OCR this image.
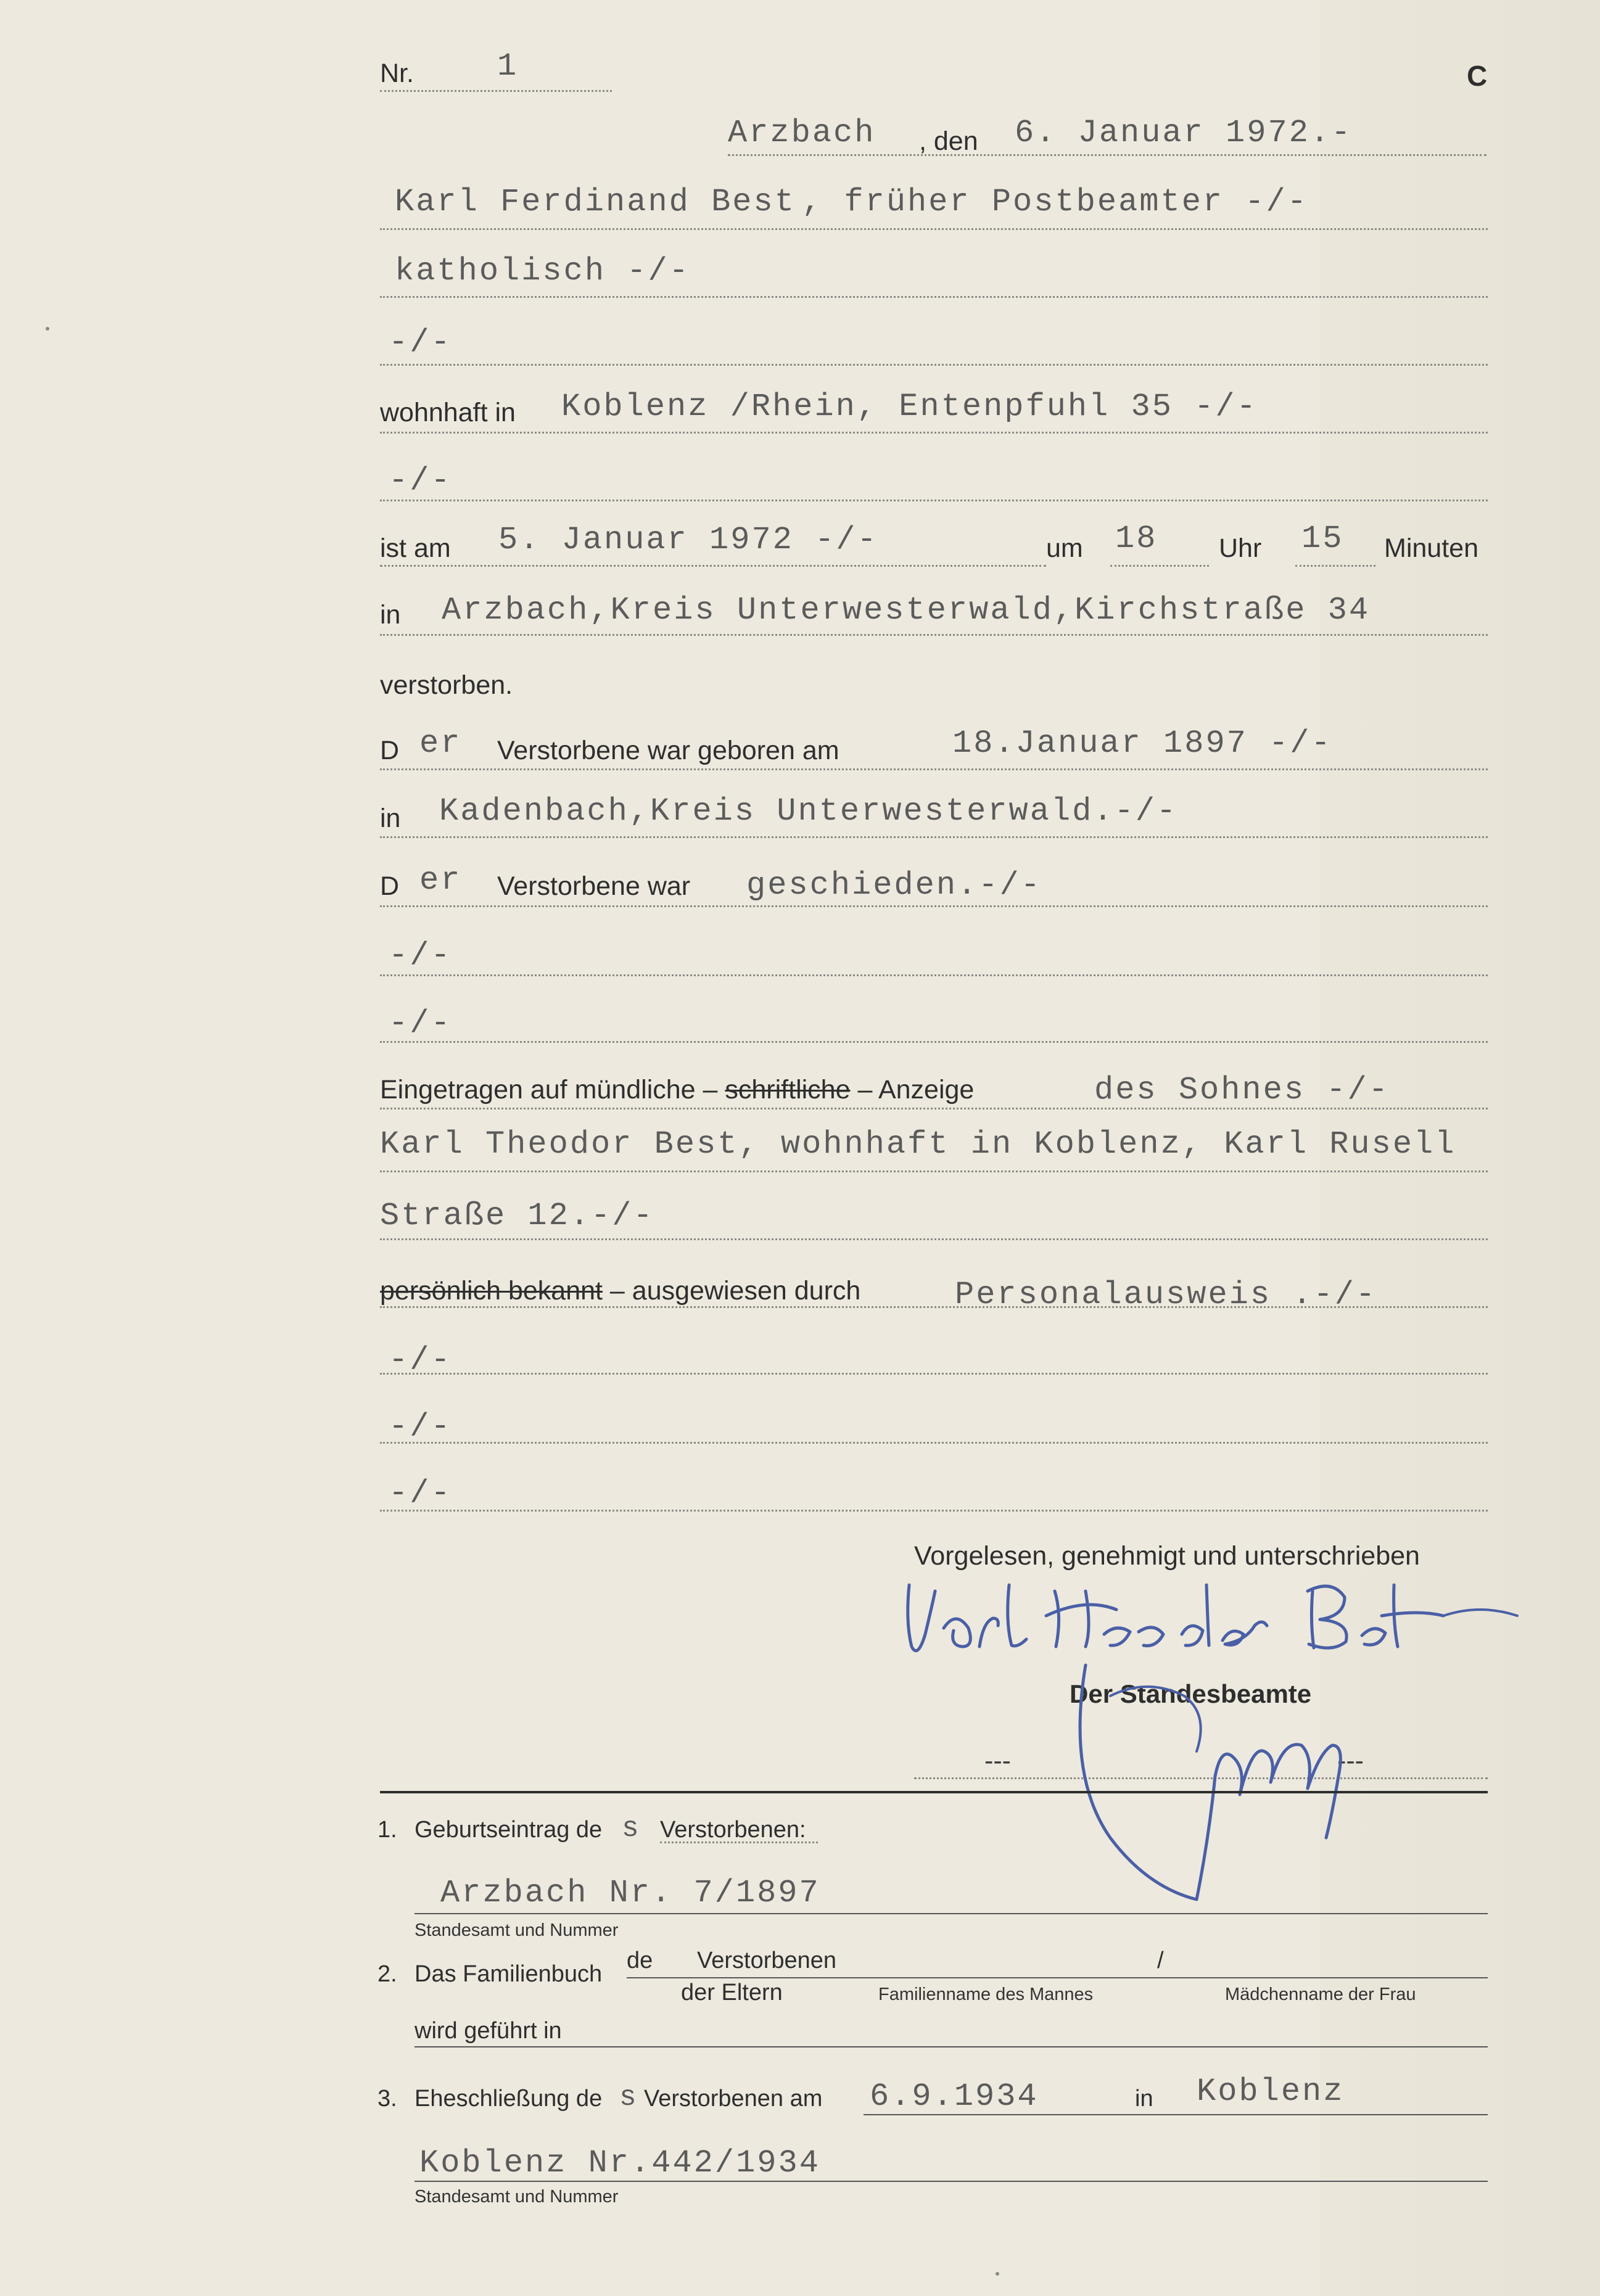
Nr.	1	C
Arzbach , den 6. Januar 1972.-
Karl Ferdinand Best , früher Postbeamter -/-
katholisch -/-
-/-
wohnhaft in Koblenz /Rhein, Entenpfuhl 35 -/-
-/-
ist am 5. Januar 1972 -/-	um 18 Uhr 15 Minuten
in Arzbach,Kreis Unterwesterwald,Kirchstraße 34
verstorben.
D er Verstorbene war geboren am	18.Januar 1897 -/-
in Kadenbach,Kreis Unterwesterwald.-/-
D er Verstorbene war geschieden.-/-
-/-
-/-
Eingetragen auf mündliche – schriftliche – Anzeige	des Sohnes -/-
Karl Theodor Best, wohnhaft in Koblenz, Karl Rusell
Straße 12.-/-
persönlich bekannt – ausgewiesen durch	Personalausweis .-/-
-/-
-/-
-/-
Vorgelesen, genehmigt und unterschrieben
Der Standesbeamte
---	---
1. Geburtseintrag de s Verstorbenen:
Arzbach Nr. 7/1897
Standesamt und Nummer
2. Das Familienbuch
de Verstorbenen	/
der Eltern	Familienname des Mannes	Mädchenname der Frau
wird geführt in
3. Eheschließung de s Verstorbenen am 6.9.1934	in Koblenz
Koblenz Nr.442/1934
Standesamt und Nummer
